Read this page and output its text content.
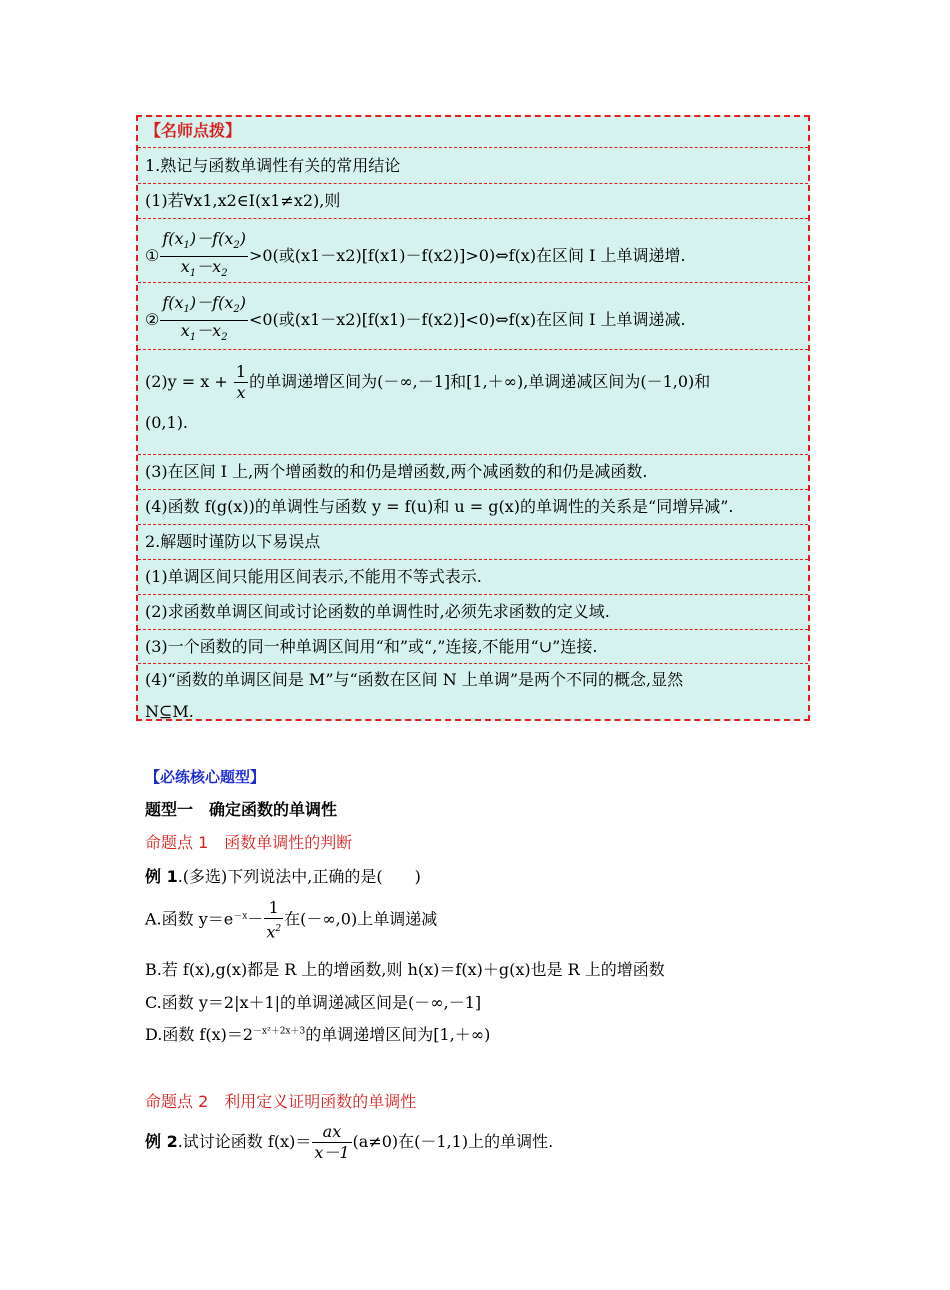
【名师点拨】
1.熟记与函数单调性有关的常用结论
(1)若∀x1,x2∈I(x1≠x2),则
① $\frac{f(x_1)-f(x_2)}{x_1-x_2} >0$(或(x1－x2)[f(x1)－f(x2)]>0)⇔f(x)在区间 I 上单调递增.
② $\frac{f(x_1)-f(x_2)}{x_1-x_2} <0$(或(x1－x2)[f(x1)－f(x2)]<0)⇔f(x)在区间 I 上单调递减.
$(2)y = x + \frac{1}{x}$ 的单调递增区间为(－∞,－1]和[1,＋∞),单调递减区间为(－1,0)和
(0,1).
(3)在区间 I 上,两个增函数的和仍是增函数,两个减函数的和仍是减函数.
(4)函数 f(g(x))的单调性与函数 y = f(u)和 u = g(x)的单调性的关系是“同增异减”.
2.解题时谨防以下易误点
(1)单调区间只能用区间表示,不能用不等式表示.
(2)求函数单调区间或讨论函数的单调性时,必须先求函数的定义域.
(3)一个函数的同一种单调区间用“和”或“,”连接,不能用“∪”连接.
(4)“函数的单调区间是 M”与“函数在区间 N 上单调”是两个不同的概念,显然
N⊆M.
【必练核心题型】
题型一　确定函数的单调性
命题点 1　函数单调性的判断
例 1.(多选)下列说法中,正确的是(　　)
A.函数 $y=e^{-x}- \frac{1}{x^2}$ 在(－∞,0)上单调递减
B.若 f(x),g(x)都是 R 上的增函数,则 h(x)＝f(x)＋g(x)也是 R 上的增函数
C.函数 y＝2|x＋1|的单调递减区间是(－∞,－1]
D.函数 $f(x)=2^{-x^2+2x+3}$的单调递增区间为[1,＋∞)
命题点 2　利用定义证明函数的单调性
例 2.试讨论函数 $f(x)= \frac{ax}{x-1} (a\ne 0)$在(－1,1)上的单调性.
